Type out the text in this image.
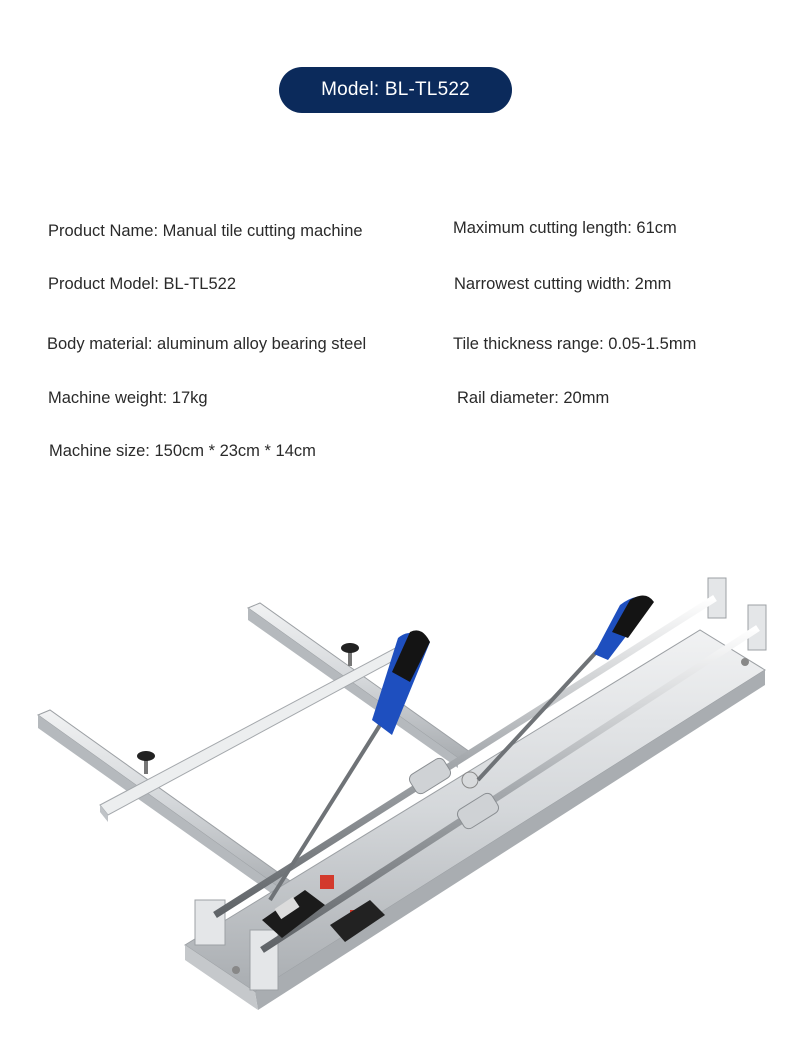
Model: BL-TL522
Product Name: Manual tile cutting machine
Product Model: BL-TL522
Body material: aluminum alloy bearing steel
Machine weight: 17kg
Machine size: 150cm * 23cm * 14cm
Maximum cutting length: 61cm
Narrowest cutting width: 2mm
Tile thickness range: 0.05-1.5mm
Rail diameter: 20mm
